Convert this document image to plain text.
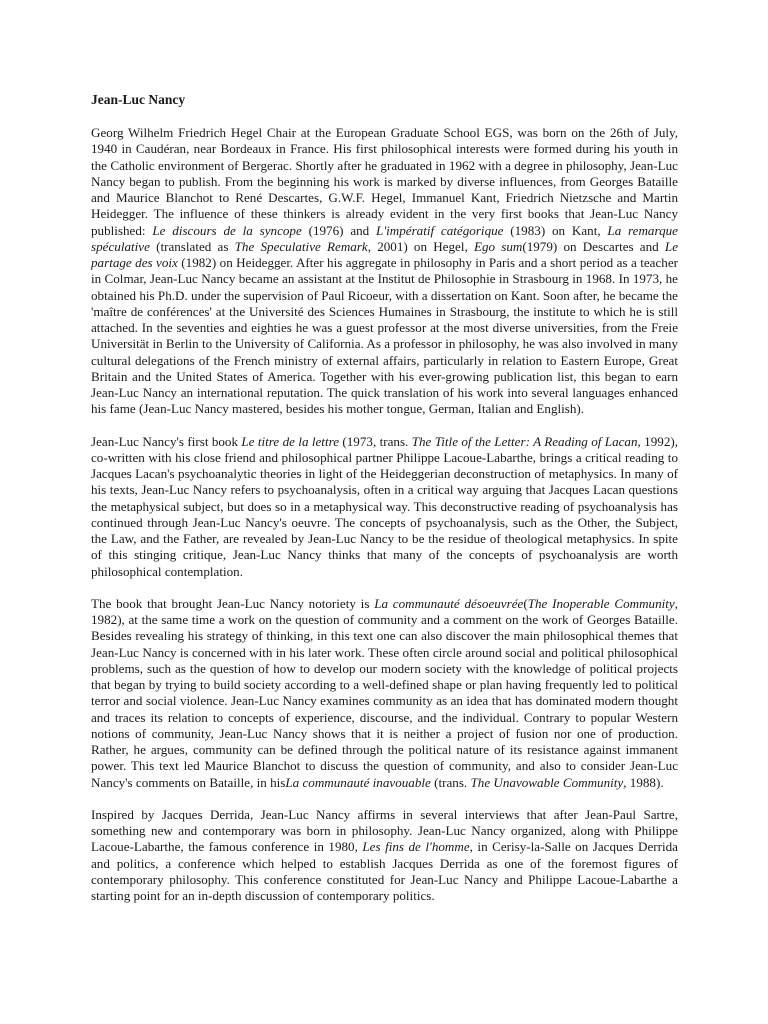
Jean-Luc Nancy

Georg Wilhelm Friedrich Hegel Chair at the European Graduate School EGS, was born on the 26th of July, 1940 in Caudéran, near Bordeaux in France. His first philosophical interests were formed during his youth in the Catholic environment of Bergerac. Shortly after he graduated in 1962 with a degree in philosophy, Jean-Luc Nancy began to publish. From the beginning his work is marked by diverse influences, from Georges Bataille and Maurice Blanchot to René Descartes, G.W.F. Hegel, Immanuel Kant, Friedrich Nietzsche and Martin Heidegger. The influence of these thinkers is already evident in the very first books that Jean-Luc Nancy published: Le discours de la syncope (1976) and L'impératif catégorique (1983) on Kant, La remarque spéculative (translated as The Speculative Remark, 2001) on Hegel, Ego sum(1979) on Descartes and Le partage des voix (1982) on Heidegger. After his aggregate in philosophy in Paris and a short period as a teacher in Colmar, Jean-Luc Nancy became an assistant at the Institut de Philosophie in Strasbourg in 1968. In 1973, he obtained his Ph.D. under the supervision of Paul Ricoeur, with a dissertation on Kant. Soon after, he became the 'maître de conférences' at the Université des Sciences Humaines in Strasbourg, the institute to which he is still attached. In the seventies and eighties he was a guest professor at the most diverse universities, from the Freie Universität in Berlin to the University of California. As a professor in philosophy, he was also involved in many cultural delegations of the French ministry of external affairs, particularly in relation to Eastern Europe, Great Britain and the United States of America. Together with his ever-growing publication list, this began to earn Jean-Luc Nancy an international reputation. The quick translation of his work into several languages enhanced his fame (Jean-Luc Nancy mastered, besides his mother tongue, German, Italian and English).

Jean-Luc Nancy's first book Le titre de la lettre (1973, trans. The Title of the Letter: A Reading of Lacan, 1992), co-written with his close friend and philosophical partner Philippe Lacoue-Labarthe, brings a critical reading to Jacques Lacan's psychoanalytic theories in light of the Heideggerian deconstruction of metaphysics. In many of his texts, Jean-Luc Nancy refers to psychoanalysis, often in a critical way arguing that Jacques Lacan questions the metaphysical subject, but does so in a metaphysical way. This deconstructive reading of psychoanalysis has continued through Jean-Luc Nancy's oeuvre. The concepts of psychoanalysis, such as the Other, the Subject, the Law, and the Father, are revealed by Jean-Luc Nancy to be the residue of theological metaphysics. In spite of this stinging critique, Jean-Luc Nancy thinks that many of the concepts of psychoanalysis are worth philosophical contemplation.

The book that brought Jean-Luc Nancy notoriety is La communauté désoeuvrée(The Inoperable Community, 1982), at the same time a work on the question of community and a comment on the work of Georges Bataille. Besides revealing his strategy of thinking, in this text one can also discover the main philosophical themes that Jean-Luc Nancy is concerned with in his later work. These often circle around social and political philosophical problems, such as the question of how to develop our modern society with the knowledge of political projects that began by trying to build society according to a well-defined shape or plan having frequently led to political terror and social violence. Jean-Luc Nancy examines community as an idea that has dominated modern thought and traces its relation to concepts of experience, discourse, and the individual. Contrary to popular Western notions of community, Jean-Luc Nancy shows that it is neither a project of fusion nor one of production. Rather, he argues, community can be defined through the political nature of its resistance against immanent power. This text led Maurice Blanchot to discuss the question of community, and also to consider Jean-Luc Nancy's comments on Bataille, in hisLa communauté inavouable (trans. The Unavowable Community, 1988).

Inspired by Jacques Derrida, Jean-Luc Nancy affirms in several interviews that after Jean-Paul Sartre, something new and contemporary was born in philosophy. Jean-Luc Nancy organized, along with Philippe Lacoue-Labarthe, the famous conference in 1980, Les fins de l'homme, in Cerisy-la-Salle on Jacques Derrida and politics, a conference which helped to establish Jacques Derrida as one of the foremost figures of contemporary philosophy. This conference constituted for Jean-Luc Nancy and Philippe Lacoue-Labarthe a starting point for an in-depth discussion of contemporary politics.
